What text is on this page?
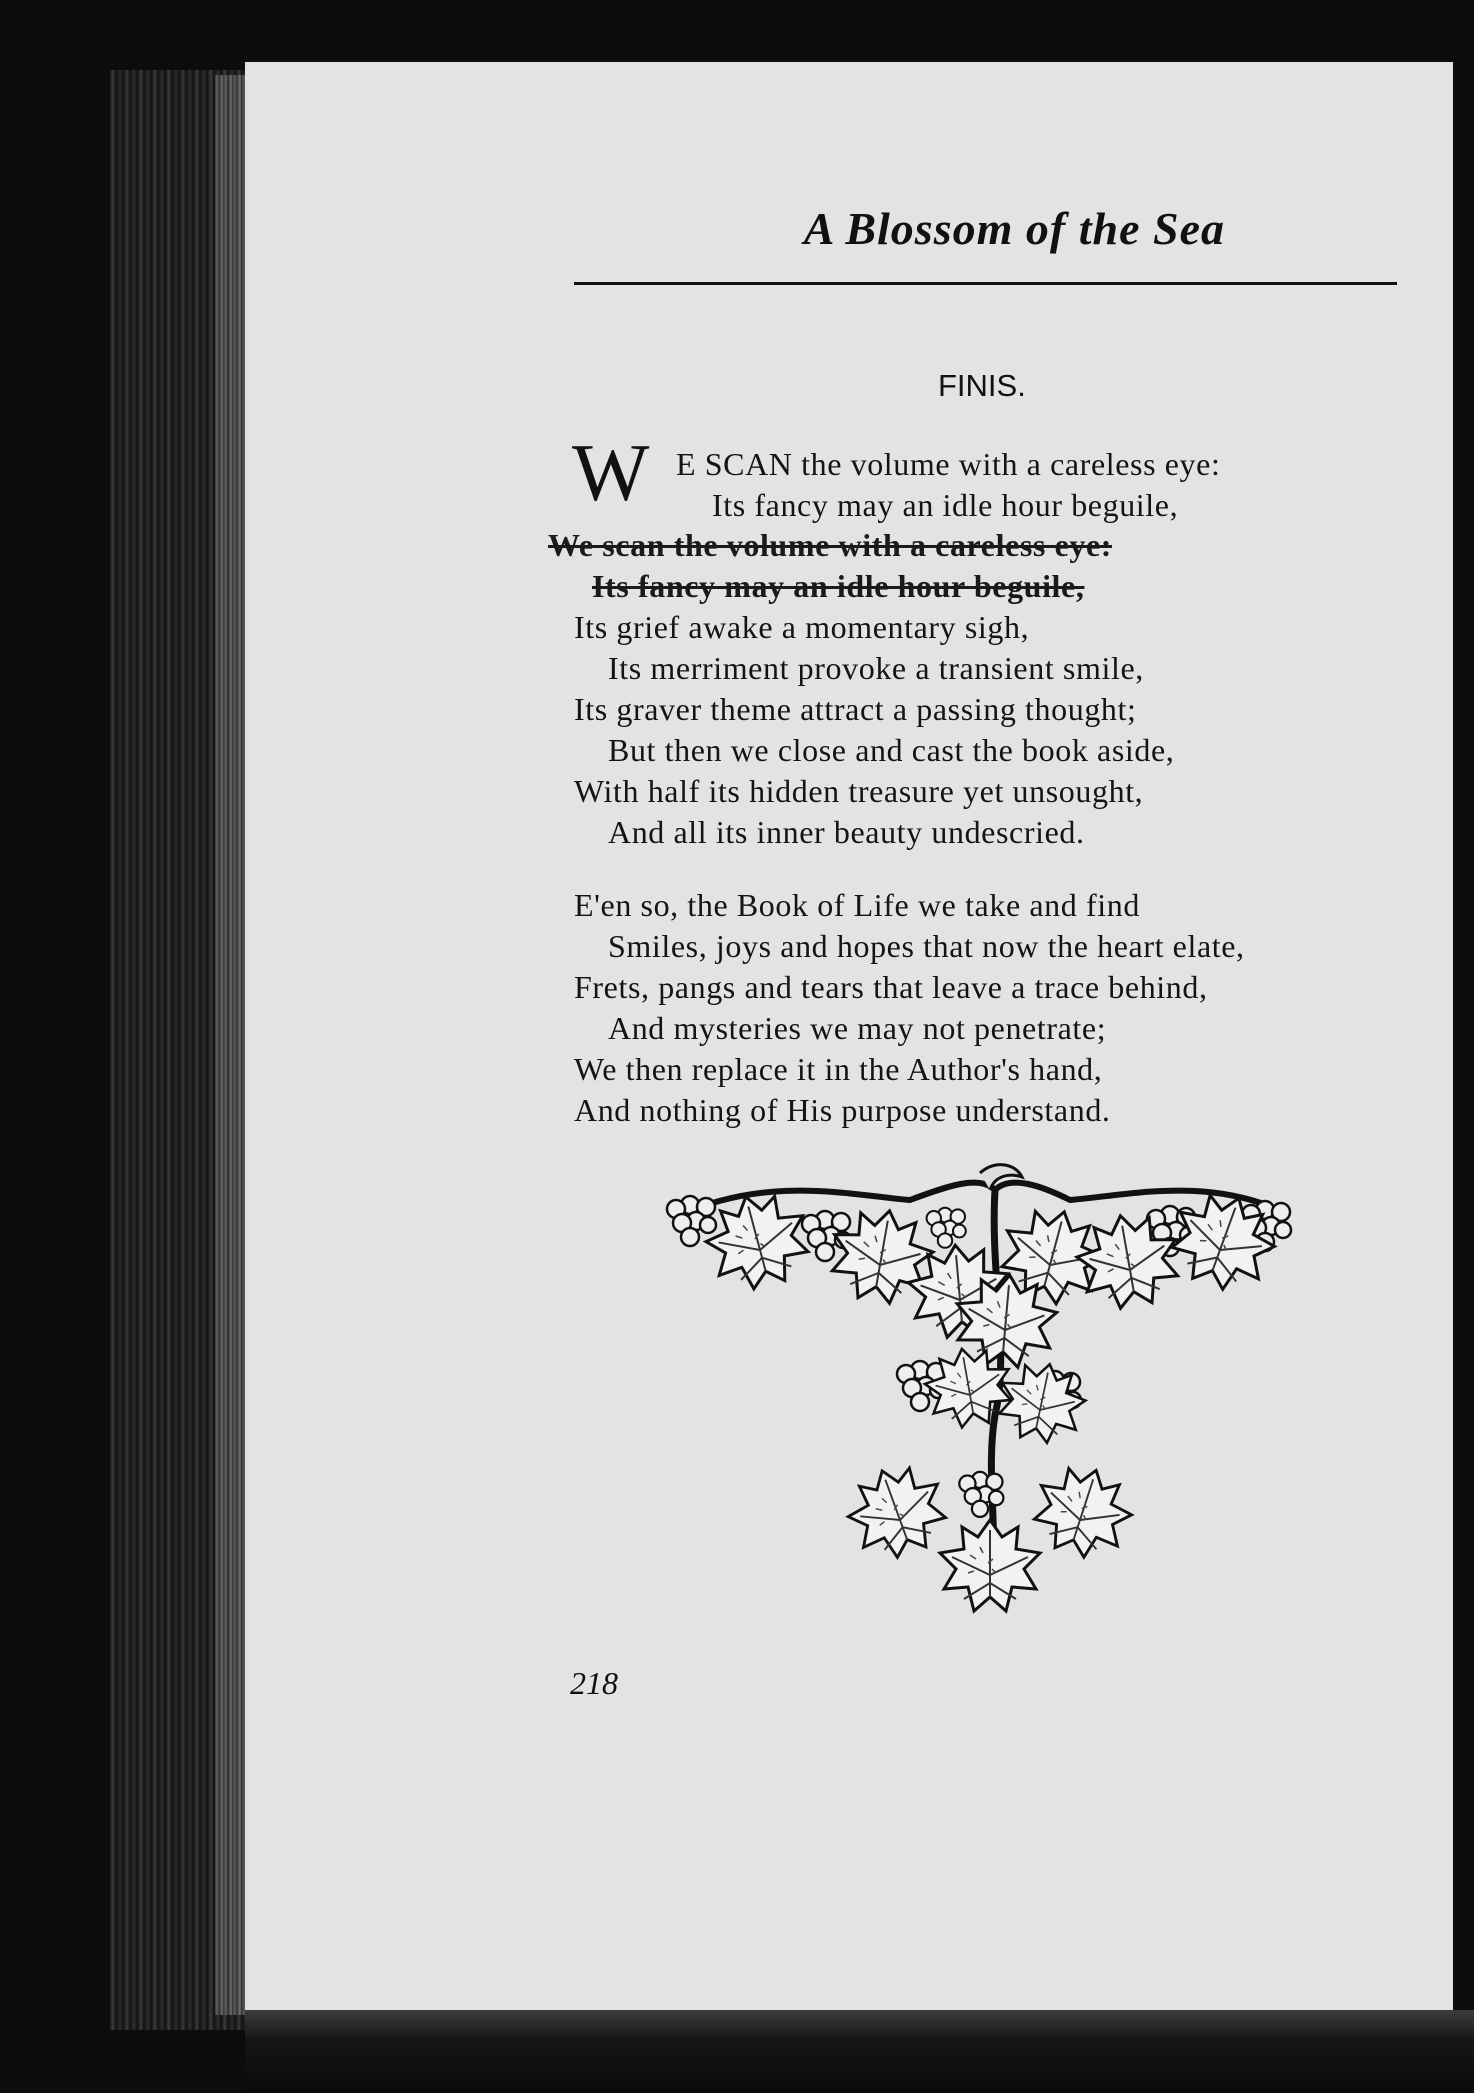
A Blossom of the Sea
FINIS.
W E SCAN the volume with a careless eye:
Its fancy may an idle hour beguile,
We scan the volume with a careless eye:
Its fancy may an idle hour beguile,
Its grief awake a momentary sigh,
Its merriment provoke a transient smile,
Its graver theme attract a passing thought;
But then we close and cast the book aside,
With half its hidden treasure yet unsought,
And all its inner beauty undescried.
E'en so, the Book of Life we take and find
Smiles, joys and hopes that now the heart elate,
Frets, pangs and tears that leave a trace behind,
And mysteries we may not penetrate;
We then replace it in the Author's hand,
And nothing of His purpose understand.
218
